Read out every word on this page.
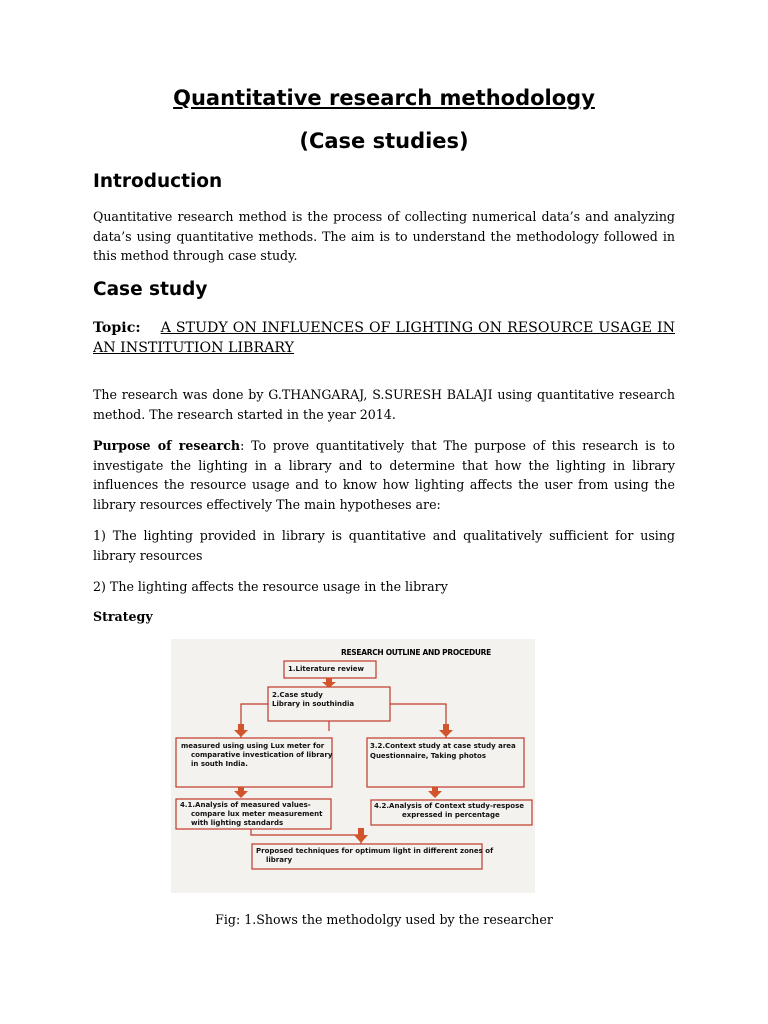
Quantitative research methodology
(Case studies)
Introduction

Quantitative research method is the process of collecting numerical data’s and analyzing data’s using quantitative methods. The aim is to understand the methodology followed in this method through case study.

Case study

Topic: A STUDY ON INFLUENCES OF LIGHTING ON RESOURCE USAGE IN AN INSTITUTION LIBRARY

The research was done by G.THANGARAJ, S.SURESH BALAJI using quantitative research method. The research started in the year 2014.

Purpose of research: To prove quantitatively that The purpose of this research is to investigate the lighting in a library and to determine that how the lighting in library influences the resource usage and to know how lighting affects the user from using the library resources effectively The main hypotheses are:

1) The lighting provided in library is quantitative and qualitatively sufficient for using library resources

2) The lighting affects the resource usage in the library

Strategy
RESEARCH OUTLINE AND PROCEDURE
1.Literature review
2.Case study
Library in southindia
measured using using Lux meter for
comparative investication of library
in south India.
3.2.Context study at case study area
Questionnaire, Taking photos
4.1.Analysis of measured values-
compare lux meter measurement
with lighting standards
4.2.Analysis of Context study-respose
expressed in percentage
Proposed techniques for optimum light in different zones of
library
Fig: 1.Shows the methodolgy used by the researcher
